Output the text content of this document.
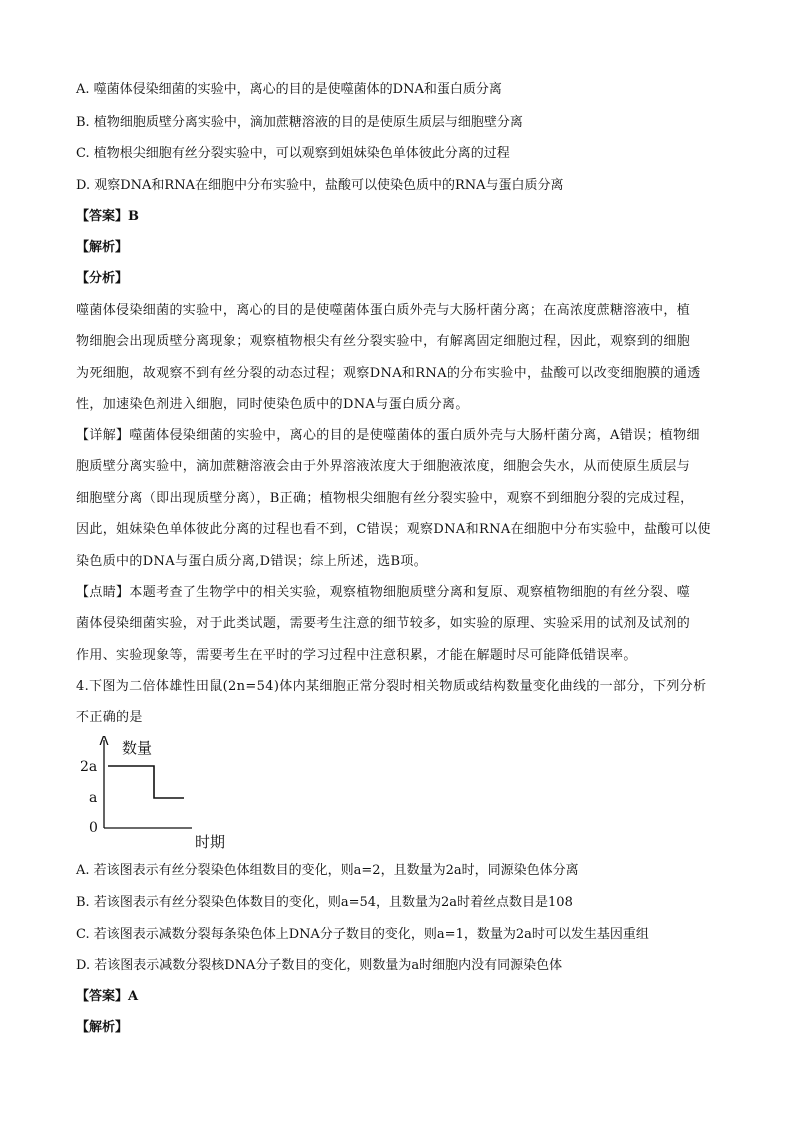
A. 噬菌体侵染细菌的实验中，离心的目的是使噬菌体的DNA和蛋白质分离

B. 植物细胞质壁分离实验中，滴加蔗糖溶液的目的是使原生质层与细胞壁分离

C. 植物根尖细胞有丝分裂实验中，可以观察到姐妹染色单体彼此分离的过程

D. 观察DNA和RNA在细胞中分布实验中，盐酸可以使染色质中的RNA与蛋白质分离

【答案】B

【解析】

【分析】

噬菌体侵染细菌的实验中，离心的目的是使噬菌体蛋白质外壳与大肠杆菌分离；在高浓度蔗糖溶液中，植

物细胞会出现质壁分离现象；观察植物根尖有丝分裂实验中，有解离固定细胞过程，因此，观察到的细胞

为死细胞，故观察不到有丝分裂的动态过程；观察DNA和RNA的分布实验中，盐酸可以改变细胞膜的通透

性，加速染色剂进入细胞，同时使染色质中的DNA与蛋白质分离。

【详解】噬菌体侵染细菌的实验中，离心的目的是使噬菌体的蛋白质外壳与大肠杆菌分离，A错误；植物细

胞质壁分离实验中，滴加蔗糖溶液会由于外界溶液浓度大于细胞液浓度，细胞会失水，从而使原生质层与

细胞壁分离（即出现质壁分离），B正确；植物根尖细胞有丝分裂实验中，观察不到细胞分裂的完成过程，

因此，姐妹染色单体彼此分离的过程也看不到，C错误；观察DNA和RNA在细胞中分布实验中，盐酸可以使

染色质中的DNA与蛋白质分离,D错误；综上所述，选B项。

【点睛】本题考查了生物学中的相关实验，观察植物细胞质壁分离和复原、观察植物细胞的有丝分裂、噬

菌体侵染细菌实验，对于此类试题，需要考生注意的细节较多，如实验的原理、实验采用的试剂及试剂的

作用、实验现象等，需要考生在平时的学习过程中注意积累，才能在解题时尽可能降低错误率。

4.下图为二倍体雄性田鼠(2n=54)体内某细胞正常分裂时相关物质或结构数量变化曲线的一部分，下列分析

不正确的是

数量
2a
a
0
时期

A. 若该图表示有丝分裂染色体组数目的变化，则a=2，且数量为2a时，同源染色体分离

B. 若该图表示有丝分裂染色体数目的变化，则a=54，且数量为2a时着丝点数目是108

C. 若该图表示减数分裂每条染色体上DNA分子数目的变化，则a=1，数量为2a时可以发生基因重组

D. 若该图表示减数分裂核DNA分子数目的变化，则数量为a时细胞内没有同源染色体

【答案】A

【解析】
